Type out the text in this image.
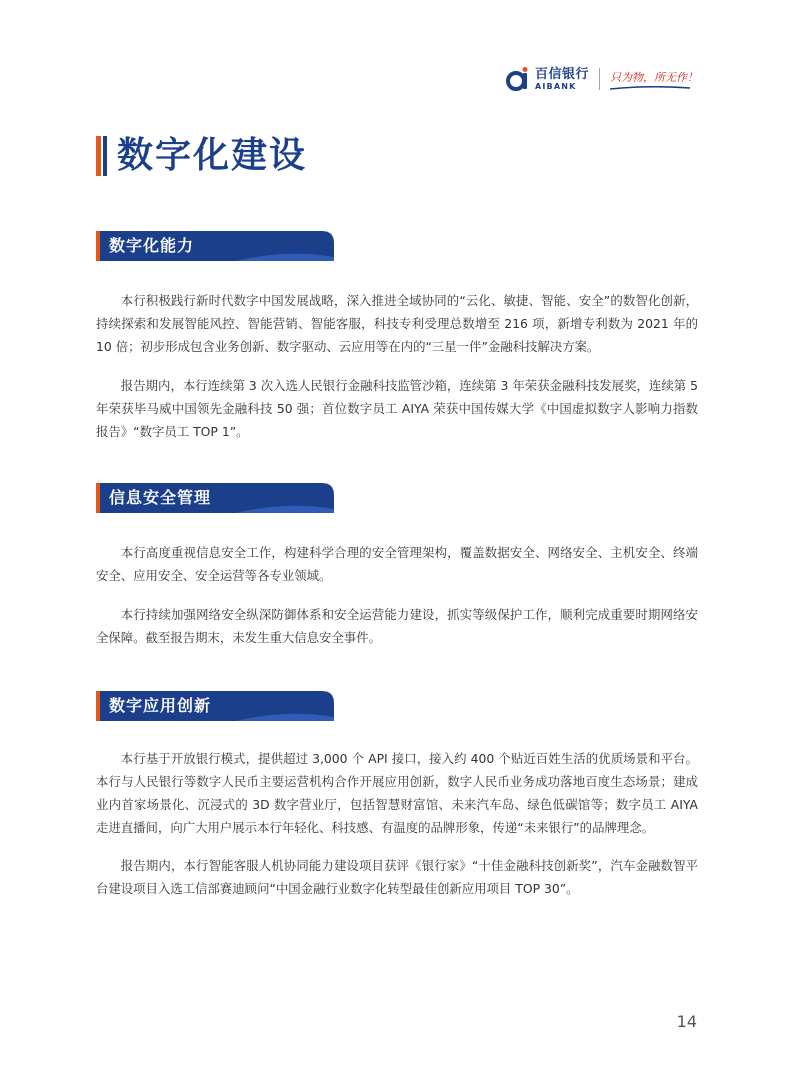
百信银行
AIBANK
只为物，所无作！
数字化建设
数字化能力

本行积极践行新时代数字中国发展战略，深入推进全域协同的“云化、敏捷、智能、安全”的数智化创新，持续探索和发展智能风控、智能营销、智能客服，科技专利受理总数增至 216 项，新增专利数为 2021 年的 10 倍；初步形成包含业务创新、数字驱动、云应用等在内的“三星一伴”金融科技解决方案。

报告期内，本行连续第 3 次入选人民银行金融科技监管沙箱，连续第 3 年荣获金融科技发展奖，连续第 5 年荣获毕马威中国领先金融科技 50 强；首位数字员工 AIYA 荣获中国传媒大学《中国虚拟数字人影响力指数报告》“数字员工 TOP 1”。

信息安全管理

本行高度重视信息安全工作，构建科学合理的安全管理架构，覆盖数据安全、网络安全、主机安全、终端安全、应用安全、安全运营等各专业领域。

本行持续加强网络安全纵深防御体系和安全运营能力建设，抓实等级保护工作，顺利完成重要时期网络安全保障。截至报告期末，未发生重大信息安全事件。

数字应用创新

本行基于开放银行模式，提供超过 3,000 个 API 接口，接入约 400 个贴近百姓生活的优质场景和平台。本行与人民银行等数字人民币主要运营机构合作开展应用创新，数字人民币业务成功落地百度生态场景；建成业内首家场景化、沉浸式的 3D 数字营业厅，包括智慧财富馆、未来汽车岛、绿色低碳馆等；数字员工 AIYA 走进直播间，向广大用户展示本行年轻化、科技感、有温度的品牌形象，传递“未来银行”的品牌理念。

报告期内，本行智能客服人机协同能力建设项目获评《银行家》“十佳金融科技创新奖”，汽车金融数智平台建设项目入选工信部赛迪顾问“中国金融行业数字化转型最佳创新应用项目 TOP 30”。

14
